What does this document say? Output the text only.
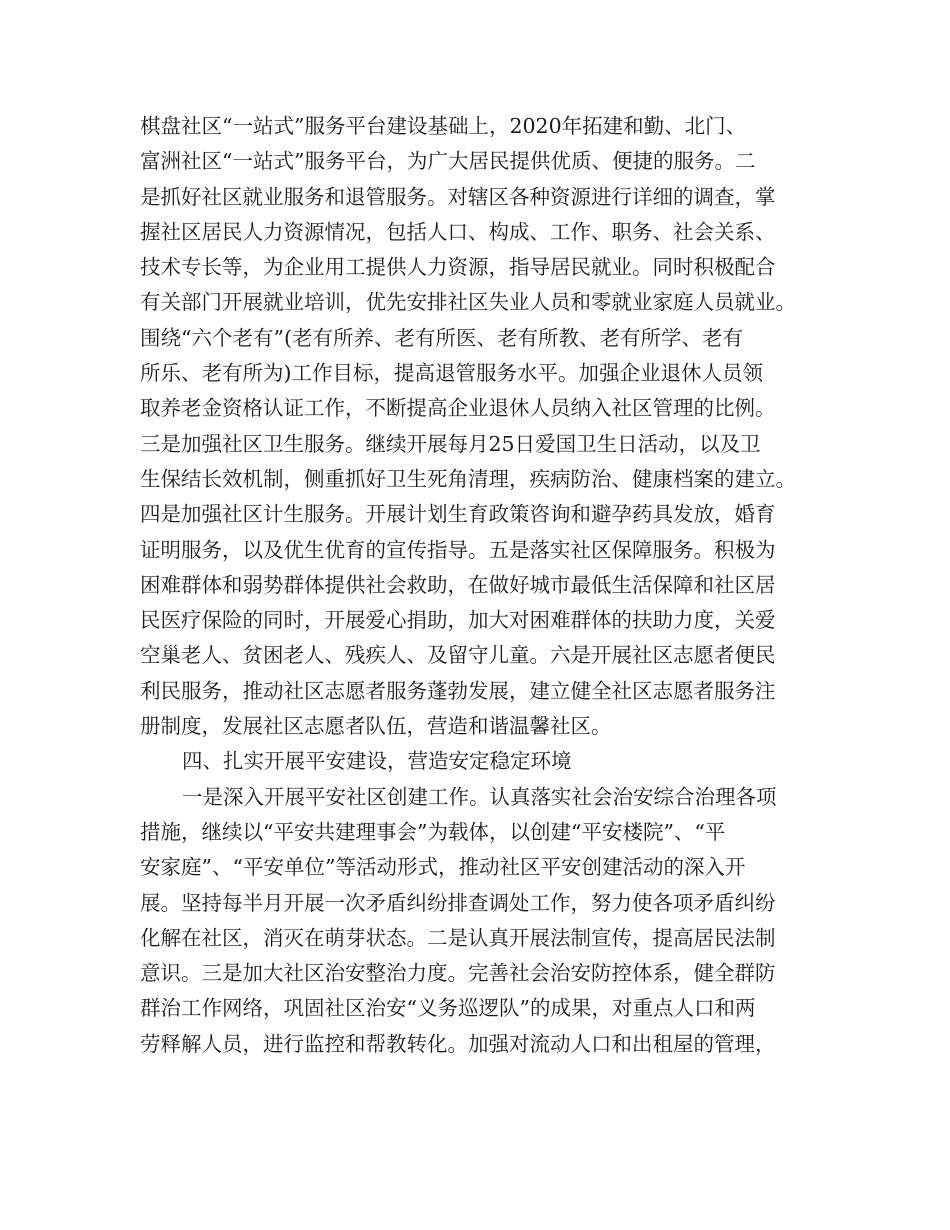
棋盘社区“一站式”服务平台建设基础上，2020年拓建和勤、北门、
富洲社区“一站式”服务平台，为广大居民提供优质、便捷的服务。二
是抓好社区就业服务和退管服务。对辖区各种资源进行详细的调查，掌
握社区居民人力资源情况，包括人口、构成、工作、职务、社会关系、
技术专长等，为企业用工提供人力资源，指导居民就业。同时积极配合
有关部门开展就业培训，优先安排社区失业人员和零就业家庭人员就业。
围绕“六个老有”(老有所养、老有所医、老有所教、老有所学、老有
所乐、老有所为)工作目标，提高退管服务水平。加强企业退休人员领
取养老金资格认证工作，不断提高企业退休人员纳入社区管理的比例。
三是加强社区卫生服务。继续开展每月25日爱国卫生日活动，以及卫
生保结长效机制，侧重抓好卫生死角清理，疾病防治、健康档案的建立。
四是加强社区计生服务。开展计划生育政策咨询和避孕药具发放，婚育
证明服务，以及优生优育的宣传指导。五是落实社区保障服务。积极为
困难群体和弱势群体提供社会救助，在做好城市最低生活保障和社区居
民医疗保险的同时，开展爱心捐助，加大对困难群体的扶助力度，关爱
空巢老人、贫困老人、残疾人、及留守儿童。六是开展社区志愿者便民
利民服务，推动社区志愿者服务蓬勃发展，建立健全社区志愿者服务注
册制度，发展社区志愿者队伍，营造和谐温馨社区。
四、扎实开展平安建设，营造安定稳定环境
一是深入开展平安社区创建工作。认真落实社会治安综合治理各项
措施，继续以“平安共建理事会”为载体，以创建“平安楼院”、“平
安家庭”、“平安单位”等活动形式，推动社区平安创建活动的深入开
展。坚持每半月开展一次矛盾纠纷排查调处工作，努力使各项矛盾纠纷
化解在社区，消灭在萌芽状态。二是认真开展法制宣传，提高居民法制
意识。三是加大社区治安整治力度。完善社会治安防控体系，健全群防
群治工作网络，巩固社区治安“义务巡逻队”的成果，对重点人口和两
劳释解人员，进行监控和帮教转化。加强对流动人口和出租屋的管理，
